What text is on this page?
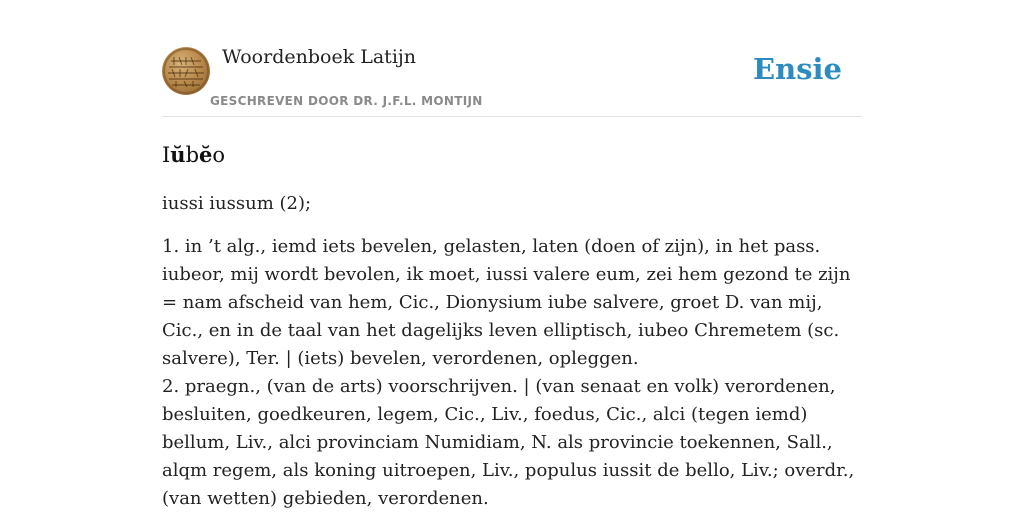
Woordenboek Latijn
GESCHREVEN DOOR DR. J.F.L. MONTIJN
Ensie
Iŭbĕo

iussi iussum (2);

1. in ’t alg., iemd iets bevelen, gelasten, laten (doen of zijn), in het pass. iubeor, mij wordt bevolen, ik moet, iussi valere eum, zei hem gezond te zijn = nam afscheid van hem, Cic., Dionysium iube salvere, groet D. van mij, Cic., en in de taal van het dagelijks leven elliptisch, iubeo Chremetem (sc. salvere), Ter. | (iets) bevelen, verordenen, opleggen.
2. praegn., (van de arts) voorschrijven. | (van senaat en volk) verordenen, besluiten, goedkeuren, legem, Cic., Liv., foedus, Cic., alci (tegen iemd) bellum, Liv., alci provinciam Numidiam, N. als provincie toekennen, Sall., alqm regem, als koning uitroepen, Liv., populus iussit de bello, Liv.; overdr., (van wetten) gebieden, verordenen.
